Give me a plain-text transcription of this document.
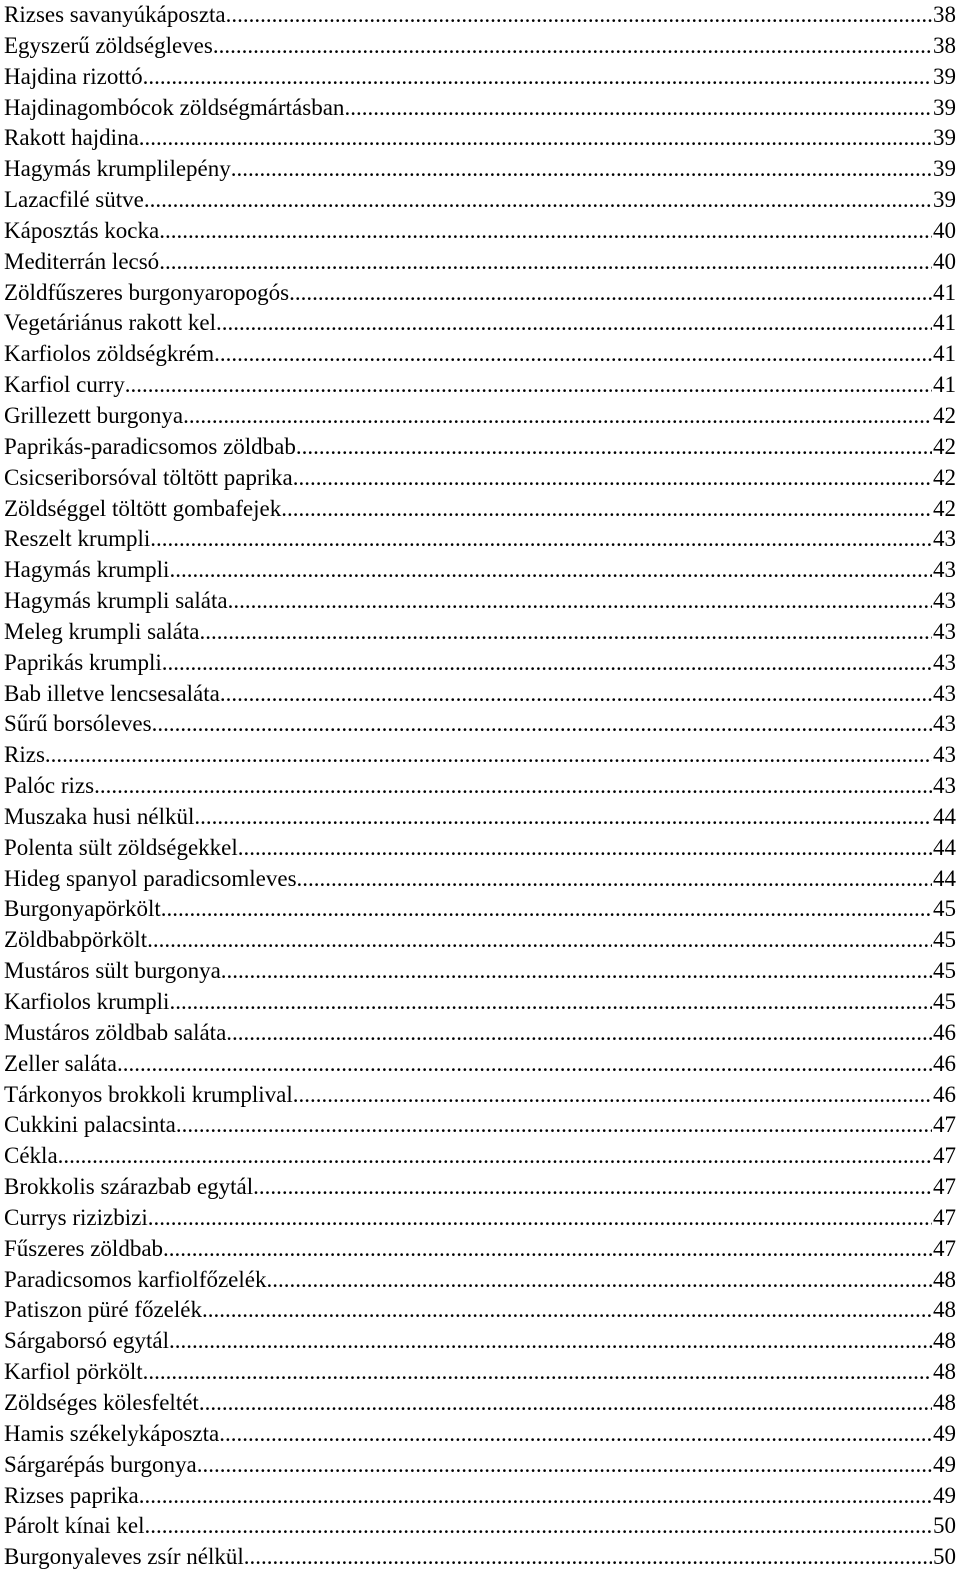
Rizses savanyúkáposzta .....	38
Egyszerű zöldségleves .....	38
Hajdina rizottó .....	39
Hajdinagombócok zöldségmártásban .....	39
Rakott hajdina .....	39
Hagymás krumplilepény .....	39
Lazacfilé sütve .....	39
Káposztás kocka .....	40
Mediterrán lecsó .....	40
Zöldfűszeres burgonyaropogós .....	41
Vegetáriánus rakott kel .....	41
Karfiolos zöldségkrém .....	41
Karfiol curry .....	41
Grillezett burgonya .....	42
Paprikás-paradicsomos zöldbab .....	42
Csicseriborsóval töltött paprika .....	42
Zöldséggel töltött gombafejek .....	42
Reszelt krumpli .....	43
Hagymás krumpli .....	43
Hagymás krumpli saláta .....	43
Meleg krumpli saláta .....	43
Paprikás krumpli .....	43
Bab illetve lencsesaláta .....	43
Sűrű borsóleves .....	43
Rizs .....	43
Palóc rizs .....	43
Muszaka husi nélkül .....	44
Polenta sült zöldségekkel .....	44
Hideg spanyol paradicsomleves .....	44
Burgonyapörkölt .....	45
Zöldbabpörkölt .....	45
Mustáros sült burgonya .....	45
Karfiolos krumpli .....	45
Mustáros zöldbab saláta .....	46
Zeller saláta .....	46
Tárkonyos brokkoli krumplival .....	46
Cukkini palacsinta .....	47
Cékla .....	47
Brokkolis szárazbab egytál .....	47
Currys rizizbizi .....	47
Fűszeres zöldbab .....	47
Paradicsomos karfiolfőzelék .....	48
Patiszon püré főzelék .....	48
Sárgaborsó egytál .....	48
Karfiol pörkölt .....	48
Zöldséges kölesfeltét .....	48
Hamis székelykáposzta .....	49
Sárgarépás burgonya .....	49
Rizses paprika .....	49
Párolt kínai kel .....	50
Burgonyaleves zsír nélkül .....	50
